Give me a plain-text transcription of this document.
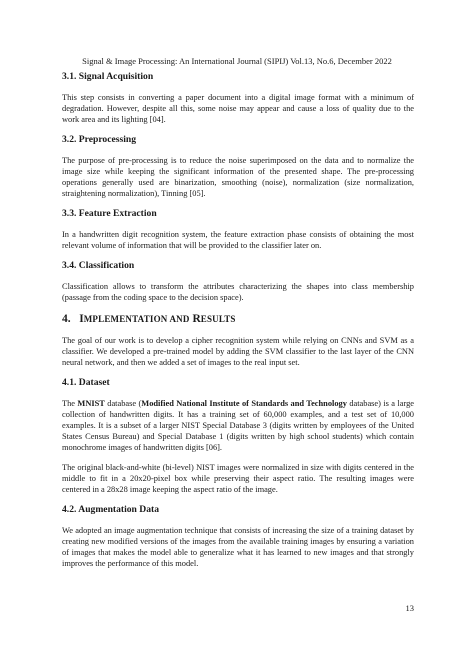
Signal & Image Processing: An International Journal (SIPIJ) Vol.13, No.6, December 2022
3.1. Signal Acquisition

This step consists in converting a paper document into a digital image format with a minimum of degradation. However, despite all this, some noise may appear and cause a loss of quality due to the work area and its lighting [04].

3.2. Preprocessing

The purpose of pre-processing is to reduce the noise superimposed on the data and to normalize the image size while keeping the significant information of the presented shape. The pre-processing operations generally used are binarization, smoothing (noise), normalization (size normalization, straightening normalization), Tinning [05].

3.3. Feature Extraction

In a handwritten digit recognition system, the feature extraction phase consists of obtaining the most relevant volume of information that will be provided to the classifier later on.

3.4. Classification

Classification allows to transform the attributes characterizing the shapes into class membership (passage from the coding space to the decision space).

4. IMPLEMENTATION AND RESULTS

The goal of our work is to develop a cipher recognition system while relying on CNNs and SVM as a classifier. We developed a pre-trained model by adding the SVM classifier to the last layer of the CNN neural network, and then we added a set of images to the real input set.

4.1. Dataset

The MNIST database (Modified National Institute of Standards and Technology database) is a large collection of handwritten digits. It has a training set of 60,000 examples, and a test set of 10,000 examples. It is a subset of a larger NIST Special Database 3 (digits written by employees of the United States Census Bureau) and Special Database 1 (digits written by high school students) which contain monochrome images of handwritten digits [06].

The original black-and-white (bi-level) NIST images were normalized in size with digits centered in the middle to fit in a 20x20-pixel box while preserving their aspect ratio. The resulting images were centered in a 28x28 image keeping the aspect ratio of the image.

4.2. Augmentation Data

We adopted an image augmentation technique that consists of increasing the size of a training dataset by creating new modified versions of the images from the available training images by ensuring a variation of images that makes the model able to generalize what it has learned to new images and that strongly improves the performance of this model.

13
